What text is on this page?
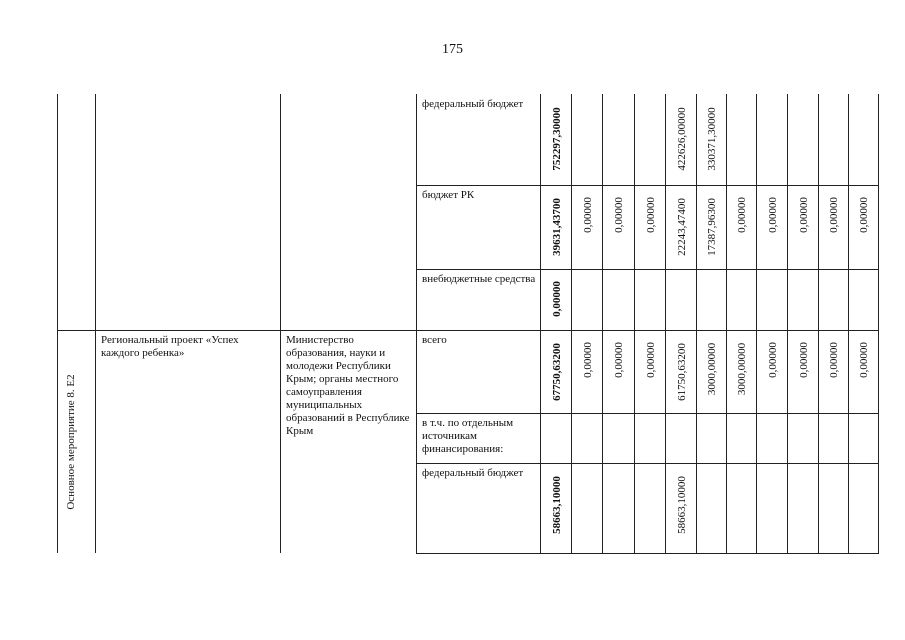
175
Основное мероприятие 8. Е2
Региональный проект «Успех каждого ребенка»
Министерство образования, науки и молодежи Республики Крым; органы местного самоуправления муниципальных образований в Республике Крым
федеральный бюджет
752297,30000	422626,00000 330371,30000
бюджет РК
39631,43700 0,00000 0,00000 0,00000 22243,47400 17387,96300 0,00000 0,00000 0,00000 0,00000 0,00000
внебюджетные средства
0,00000
всего
67750,63200 0,00000 0,00000 0,00000 61750,63200 3000,00000 3000,00000 0,00000 0,00000 0,00000 0,00000
в т.ч. по отдельным источникам финансирования:
федеральный бюджет
58663,10000	58663,10000
